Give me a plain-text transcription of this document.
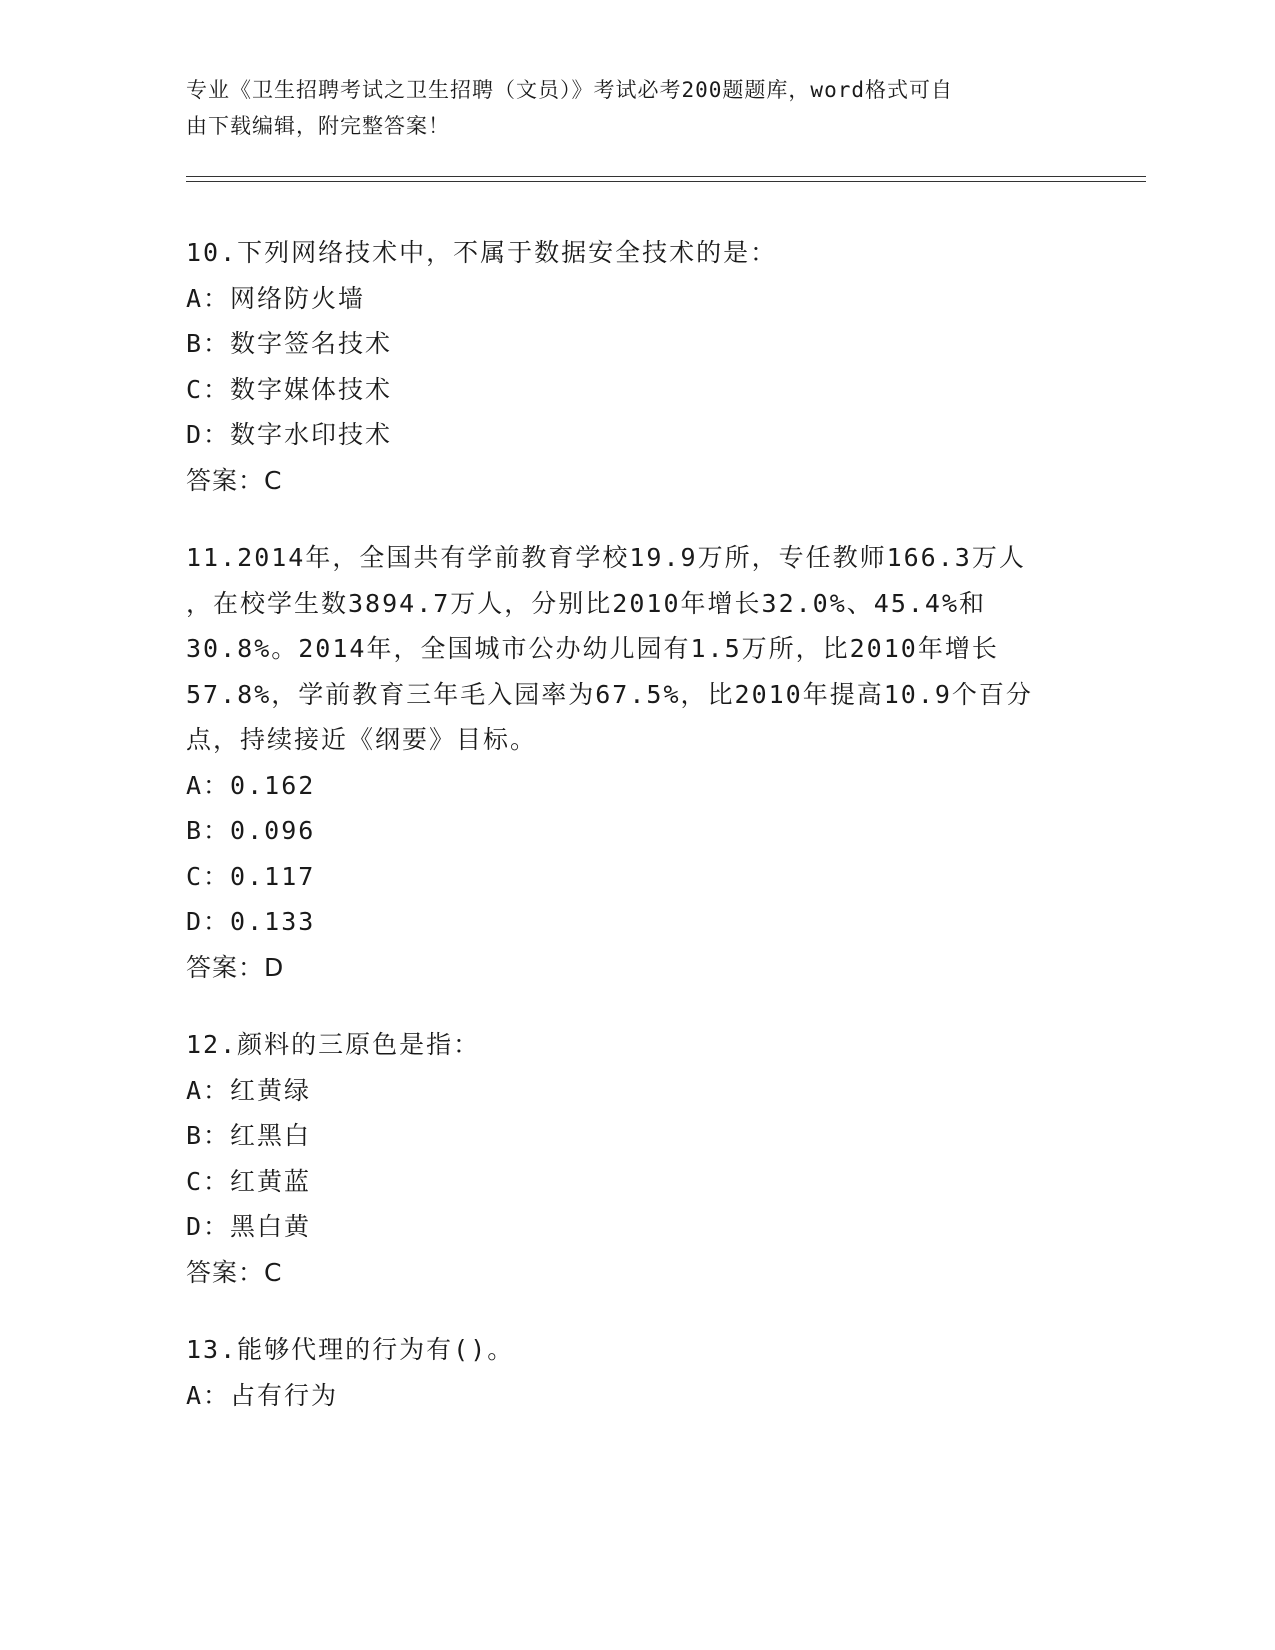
专业《卫生招聘考试之卫生招聘（文员）》考试必考200题题库，word格式可自
由下载编辑，附完整答案！
10.下列网络技术中，不属于数据安全技术的是：
A：网络防火墙
B：数字签名技术
C：数字媒体技术
D：数字水印技术
答案：C
11.2014年，全国共有学前教育学校19.9万所，专任教师166.3万人
，在校学生数3894.7万人，分别比2010年增长32.0%、45.4%和
30.8%。2014年，全国城市公办幼儿园有1.5万所，比2010年增长
57.8%，学前教育三年毛入园率为67.5%，比2010年提高10.9个百分
点，持续接近《纲要》目标。
A：0.162
B：0.096
C：0.117
D：0.133
答案：D
12.颜料的三原色是指：
A：红黄绿
B：红黑白
C：红黄蓝
D：黑白黄
答案：C
13.能够代理的行为有()。
A：占有行为
